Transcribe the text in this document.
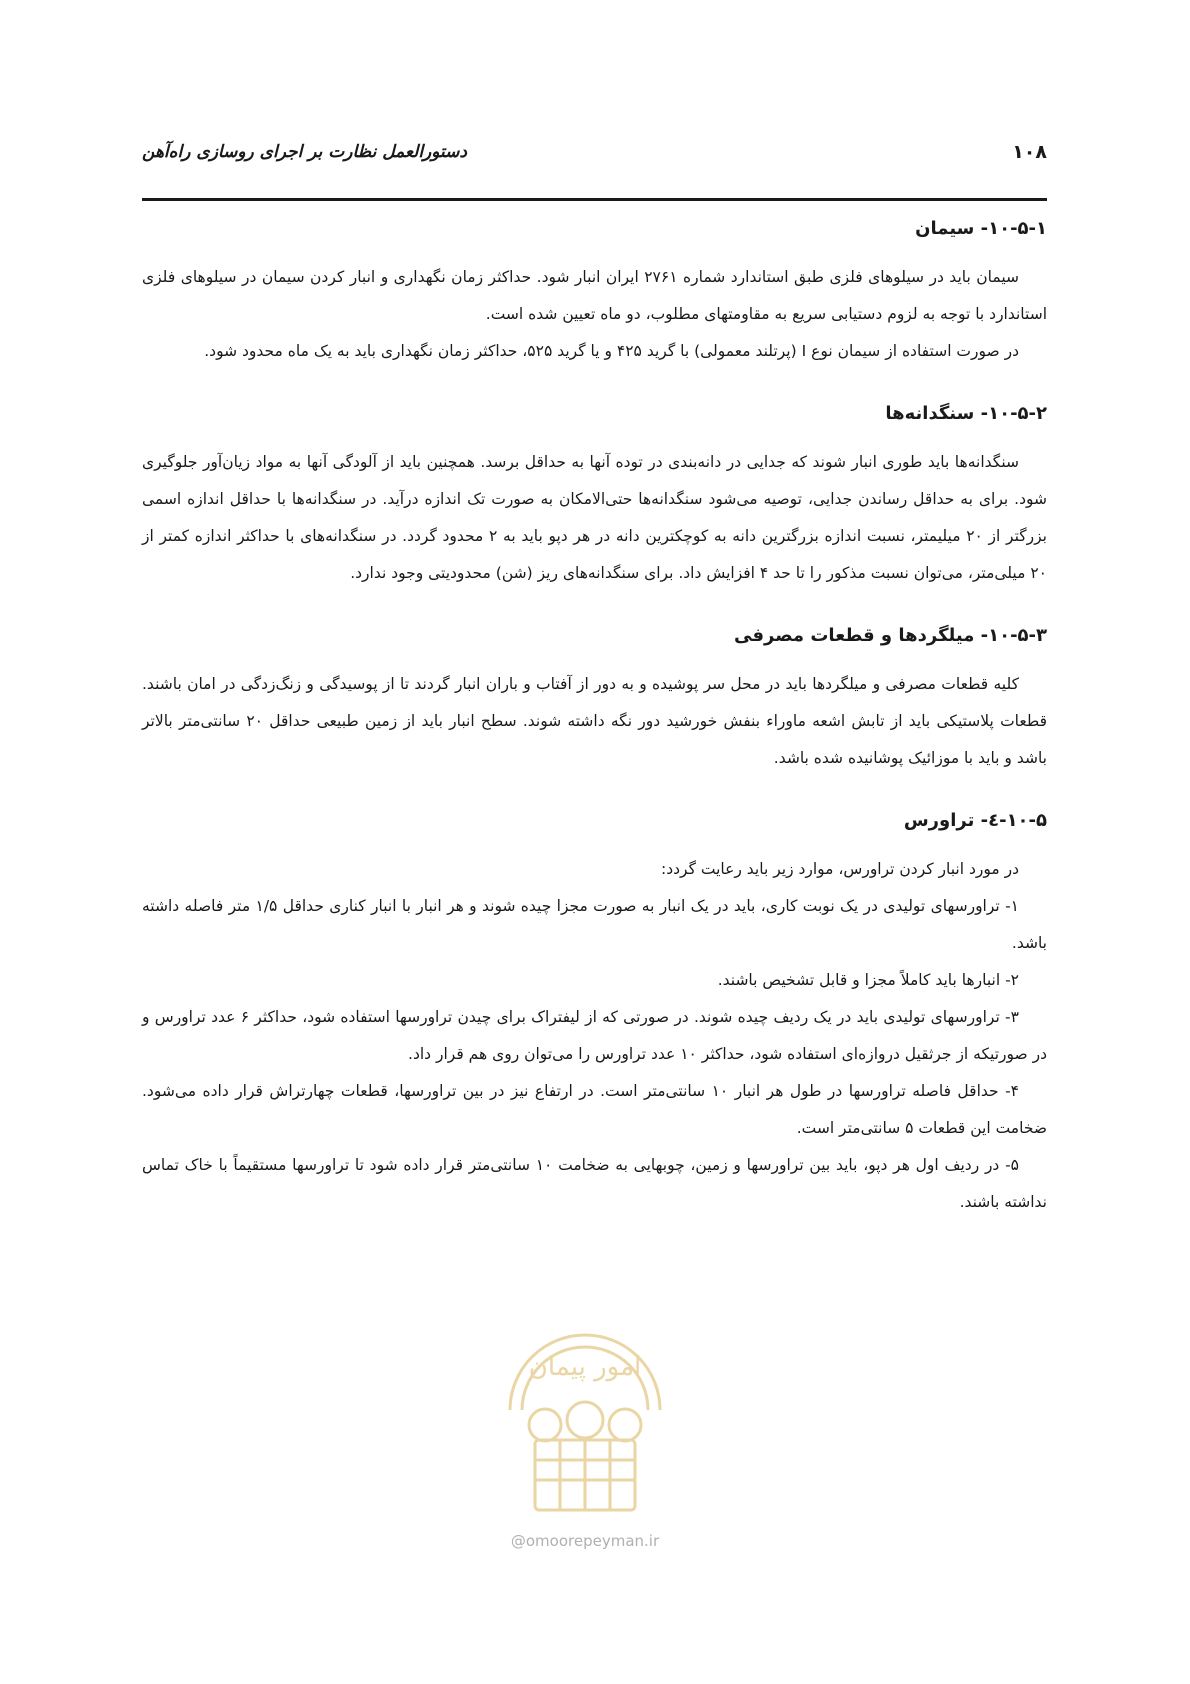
۱۰۸
دستورالعمل نظارت بر اجرای روسازی راه‌آهن
۱۰-۵-۱- سیمان

سیمان باید در سیلوهای فلزی طبق استاندارد شماره ۲۷۶۱ ایران انبار شود. حداکثر زمان نگهداری و انبار کردن سیمان در سیلوهای فلزی استاندارد با توجه به لزوم دستیابی سریع به مقاومتهای مطلوب، دو ماه تعیین شده است.

در صورت استفاده از سیمان نوع I (پرتلند معمولی) با گرید ۴۲۵ و یا گرید ۵۲۵، حداکثر زمان نگهداری باید به یک ماه محدود شود.

۱۰-۵-۲- سنگدانه‌ها

سنگدانه‌ها باید طوری انبار شوند که جدایی در دانه‌بندی در توده آنها به حداقل برسد. همچنین باید از آلودگی آنها به مواد زیان‌آور جلوگیری شود. برای به حداقل رساندن جدایی، توصیه می‌شود سنگدانه‌ها حتی‌الامکان به صورت تک اندازه درآید. در سنگدانه‌ها با حداقل اندازه اسمی بزرگتر از ۲۰ میلیمتر، نسبت اندازه بزرگترین دانه به کوچکترین دانه در هر دپو باید به ۲ محدود گردد. در سنگدانه‌های با حداکثر اندازه کمتر از ۲۰ میلی‌متر، می‌توان نسبت مذکور را تا حد ۴ افزایش داد. برای سنگدانه‌های ریز (شن) محدودیتی وجود ندارد.

۱۰-۵-۳- میلگردها و قطعات مصرفی

کلیه قطعات مصرفی و میلگردها باید در محل سر پوشیده و به دور از آفتاب و باران انبار گردند تا از پوسیدگی و زنگ‌زدگی در امان باشند. قطعات پلاستیکی باید از تابش اشعه ماوراء بنفش خورشید دور نگه داشته شوند. سطح انبار باید از زمین طبیعی حداقل ۲۰ سانتی‌متر بالاتر باشد و باید با موزائیک پوشانیده شده باشد.

۱۰-۵-٤- تراورس

در مورد انبار کردن تراورس، موارد زیر باید رعایت گردد:

۱- تراورسهای تولیدی در یک نوبت کاری، باید در یک انبار به صورت مجزا چیده شوند و هر انبار با انبار کناری حداقل ۱/۵ متر فاصله داشته باشد.

۲- انبارها باید کاملاً مجزا و قابل تشخیص باشند.

۳- تراورسهای تولیدی باید در یک ردیف چیده شوند. در صورتی که از لیفتراک برای چیدن تراورسها استفاده شود، حداکثر ۶ عدد تراورس و در صورتیکه از جرثقیل دروازه‌ای استفاده شود، حداکثر ۱۰ عدد تراورس را می‌توان روی هم قرار داد.

۴- حداقل فاصله تراورسها در طول هر انبار ۱۰ سانتی‌متر است. در ارتفاع نیز در بین تراورسها، قطعات چهارتراش قرار داده می‌شود. ضخامت این قطعات ۵ سانتی‌متر است.

۵- در ردیف اول هر دپو، باید بین تراورسها و زمین، چوبهایی به ضخامت ۱۰ سانتی‌متر قرار داده شود تا تراورسها مستقیماً با خاک تماس نداشته باشند.

امور پیمان
@omoorepeyman.ir
